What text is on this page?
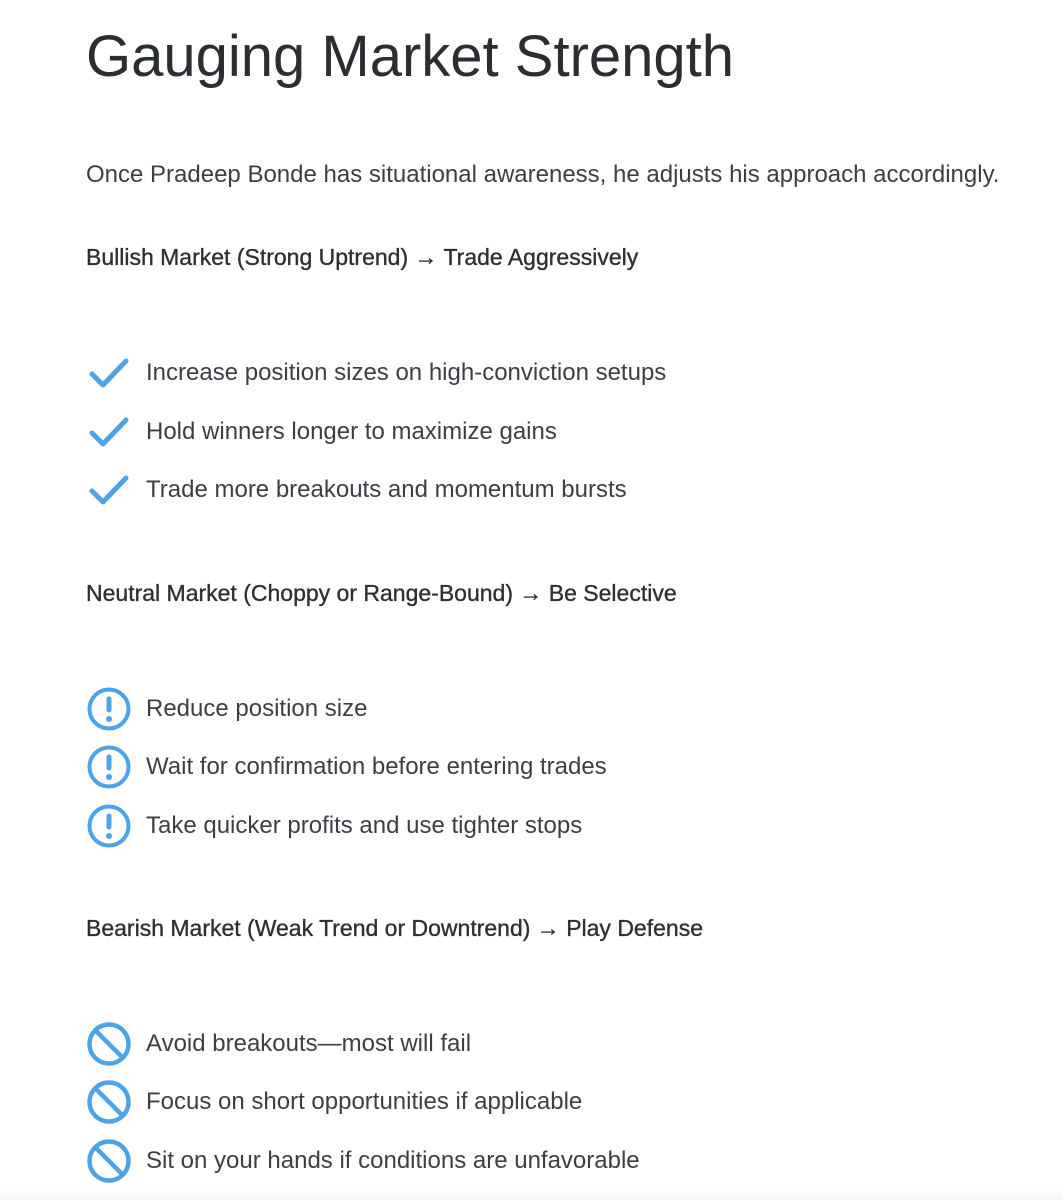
Gauging Market Strength

Once Pradeep Bonde has situational awareness, he adjusts his approach accordingly.

Bullish Market (Strong Uptrend) → Trade Aggressively
Increase position sizes on high-conviction setups
Hold winners longer to maximize gains
Trade more breakouts and momentum bursts
Neutral Market (Choppy or Range-Bound) → Be Selective
Reduce position size
Wait for confirmation before entering trades
Take quicker profits and use tighter stops
Bearish Market (Weak Trend or Downtrend) → Play Defense
Avoid breakouts—most will fail
Focus on short opportunities if applicable
Sit on your hands if conditions are unfavorable
